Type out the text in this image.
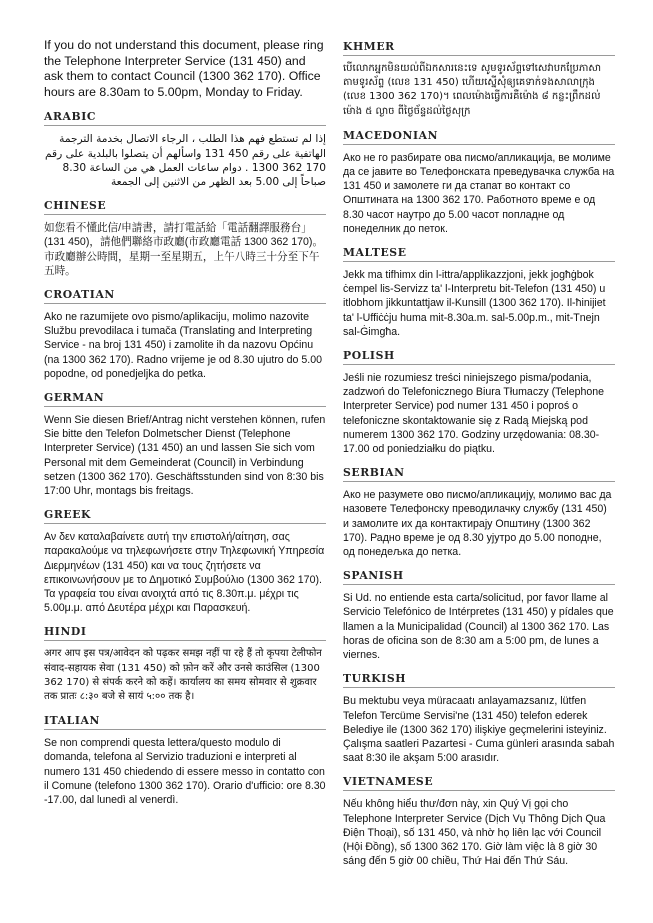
If you do not understand this document, please ring the Telephone Interpreter Service (131 450) and ask them to contact Council (1300 362 170). Office hours are 8.30am to 5.00pm, Monday to Friday.
ARABIC
إذا لم تستطع فهم هذا الطلب ، الرجاء الاتصال بخدمة الترجمة الهاتفية على رقم 450 131 واسألهم أن يتصلوا بالبلدية على رقم 170 362 1300 . دوام ساعات العمل هي من الساعة 8.30 صباحاً إلى 5.00 بعد الظهر من الاثنين إلى الجمعة
CHINESE
如您看不懂此信/申請書，請打電話給「電話翻譯服務台」(131 450)，請他們聯絡市政廳(市政廳電話 1300 362 170)。市政廳辦公時間，星期一至星期五，上午八時三十分至下午五時。
CROATIAN
Ako ne razumijete ovo pismo/aplikaciju, molimo nazovite Službu prevodilaca i tumača (Translating and Interpreting Service - na broj 131 450) i zamolite ih da nazovu Općinu (na 1300 362 170). Radno vrijeme je od 8.30 ujutro do 5.00 popodne, od ponedjeljka do petka.
GERMAN
Wenn Sie diesen Brief/Antrag nicht verstehen können, rufen Sie bitte den Telefon Dolmetscher Dienst (Telephone Interpreter Service) (131 450) an und lassen Sie sich vom Personal mit dem Gemeinderat (Council) in Verbindung setzen (1300 362 170). Geschäftsstunden sind von 8:30 bis 17:00 Uhr, montags bis freitags.
GREEK
Αν δεν καταλαβαίνετε αυτή την επιστολή/αίτηση, σας παρακαλούμε να τηλεφωνήσετε στην Τηλεφωνική Υπηρεσία Διερμηνέων (131 450) και να τους ζητήσετε να επικοινωνήσουν με το Δημοτικό Συμβούλιο (1300 362 170). Τα γραφεία του είναι ανοιχτά από τις 8.30π.μ. μέχρι τις 5.00μ.μ. από Δευτέρα μέχρι και Παρασκευή.
HINDI
अगर आप इस पत्र/आवेदन को पढ़कर समझ नहीं पा रहे हैं तो कृपया टेलीफोन संवाद-सहायक सेवा (131 450) को फ़ोन करें और उनसे काउंसिल (1300 362 170) से संपर्क करने को कहें। कार्यालय का समय सोमवार से शुक्रवार तक प्रातः ८:३० बजे से सायं ५:०० तक है।
ITALIAN
Se non comprendi questa lettera/questo modulo di domanda, telefona al Servizio traduzioni e interpreti al numero 131 450 chiedendo di essere messo in contatto con il Comune (telefono 1300 362 170). Orario d'ufficio: ore 8.30 -17.00, dal lunedì al venerdì.
KHMER
បើលោកអ្នកមិនយល់ពីឯកសារនេះទេ សូមទូរស័ព្ទទៅសេវាបកប្រែភាសាតាមទូរស័ព្ទ (លេខ 131 450) ហើយស្នើសុំឲ្យគេទាក់ទងសាលាក្រុង (លេខ 1300 362 170)។ ពេលម៉ោងធ្វើការគឺម៉ោង ៨ កន្លះព្រឹកដល់ម៉ោង ៥ ល្ងាច ពីថ្ងៃច័ន្ទដល់ថ្ងៃសុក្រ
MACEDONIAN
Ако не го разбирате ова писмо/апликација, ве молиме да се јавите во Телефонската преведувачка служба на 131 450 и замолете ги да стапат во контакт со Општината на 1300 362 170. Работното време е од 8.30 часот наутро до 5.00 часот попладне од понеделник до петок.
MALTESE
Jekk ma tifhimx din l-ittra/applikazzjoni, jekk jogħġbok ċempel lis-Servizz ta' l-Interpretu bit-Telefon (131 450) u itlobhom jikkuntattjaw il-Kunsill (1300 362 170). Il-ħinijiet ta' l-Uffiċċju huma mit-8.30a.m. sal-5.00p.m., mit-Tnejn sal-Ġimgħa.
POLISH
Jeśli nie rozumiesz treści niniejszego pisma/podania, zadzwoń do Telefonicznego Biura Tłumaczy (Telephone Interpreter Service) pod numer 131 450 i poproś o telefoniczne skontaktowanie się z Radą Miejską pod numerem 1300 362 170. Godziny urzędowania: 08.30-17.00 od poniedziałku do piątku.
SERBIAN
Ако не разумете ово писмо/апликацију, молимо вас да назовете Телефонску преводилачку службу (131 450) и замолите их да контактирају Општину (1300 362 170). Радно време је од 8.30 ујутро до 5.00 поподне, од понедељка до петка.
SPANISH
Si Ud. no entiende esta carta/solicitud, por favor llame al Servicio Telefónico de Intérpretes (131 450) y pídales que llamen a la Municipalidad (Council) al 1300 362 170. Las horas de oficina son de 8:30 am a 5:00 pm, de lunes a viernes.
TURKISH
Bu mektubu veya müracaatı anlayamazsanız, lütfen Telefon Tercüme Servisi'ne (131 450) telefon ederek Belediye ile (1300 362 170) ilişkiye geçmelerini isteyiniz. Çalışma saatleri Pazartesi - Cuma günleri arasında sabah saat 8:30 ile akşam 5:00 arasıdır.
VIETNAMESE
Nếu không hiểu thư/đơn này, xin Quý Vị gọi cho Telephone Interpreter Service (Dịch Vụ Thông Dịch Qua Điện Thoại), số 131 450, và nhờ họ liên lạc với Council (Hội Đồng), số 1300 362 170. Giờ làm việc là 8 giờ 30 sáng đến 5 giờ 00 chiều, Thứ Hai đến Thứ Sáu.
